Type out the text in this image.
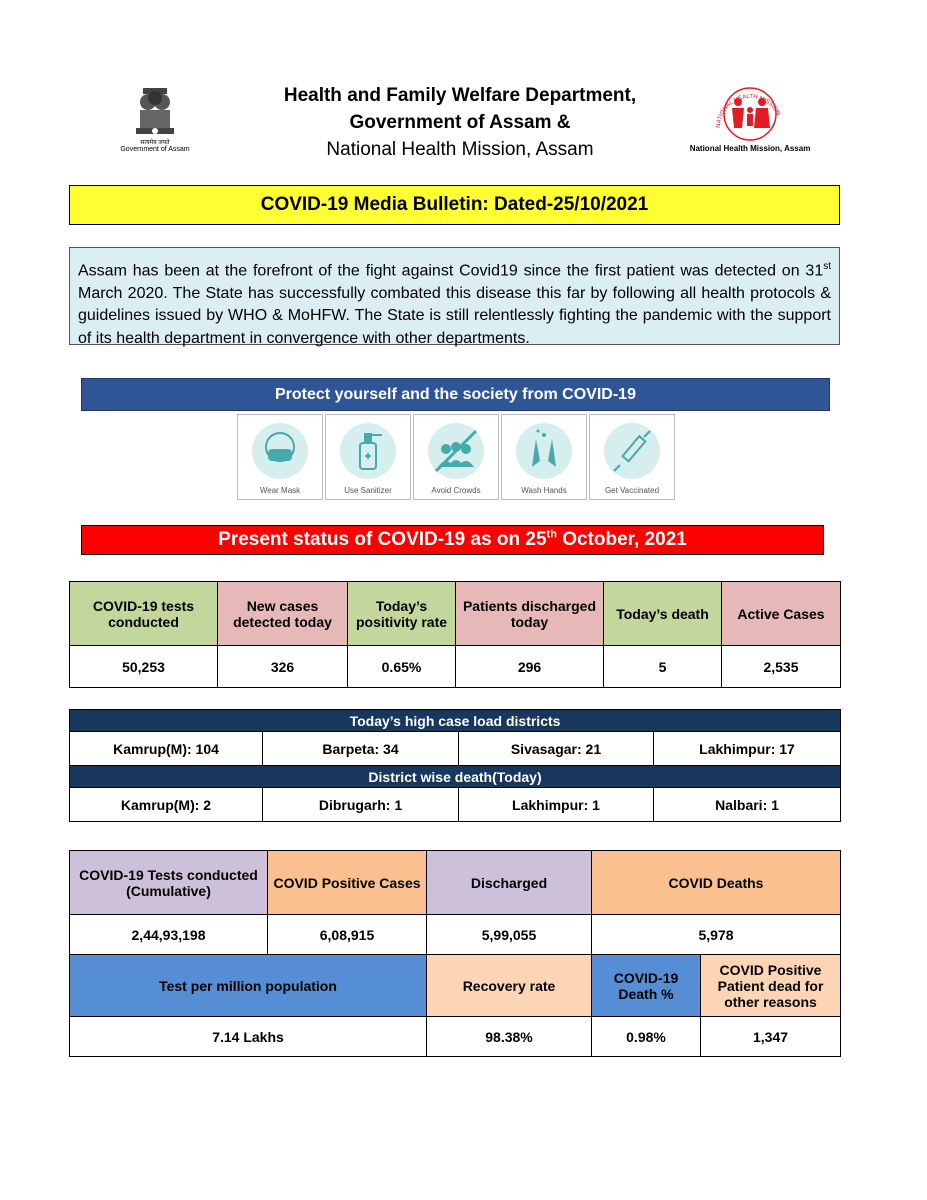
सत्यमेव जयते
Government of Assam
Health and Family Welfare Department,
Government of Assam &
National Health Mission, Assam
NATIONAL HEALTH MISSION
National Health Mission, Assam
COVID-19 Media Bulletin: Dated-25/10/2021
Assam has been at the forefront of the fight against Covid19 since the first patient was detected on 31st March 2020. The State has successfully combated this disease this far by following all health protocols & guidelines issued by WHO & MoHFW. The State is still relentlessly fighting the pandemic with the support of its health department in convergence with other departments.
Protect yourself and the society from COVID-19
Wear Mask	Use Sanitizer	Avoid Crowds	Wash Hands	Get Vaccinated
Present status of COVID-19 as on 25th October, 2021
COVID-19 tests conducted	New cases detected today	Today’s positivity rate	Patients discharged today	Today’s death	Active Cases
50,253	326	0.65%	296	5	2,535
Today’s high case load districts			
Kamrup(M): 104	Barpeta: 34	Sivasagar: 21	Lakhimpur: 17
District wise death(Today)			
Kamrup(M): 2	Dibrugarh: 1	Lakhimpur: 1	Nalbari: 1
COVID-19 Tests conducted (Cumulative)	COVID Positive Cases	Discharged	COVID Deaths	
2,44,93,198	6,08,915	5,99,055	5,978	
Test per million population		Recovery rate	COVID-19 Death %	COVID Positive Patient dead for other reasons
7.14 Lakhs		98.38%	0.98%	1,347
